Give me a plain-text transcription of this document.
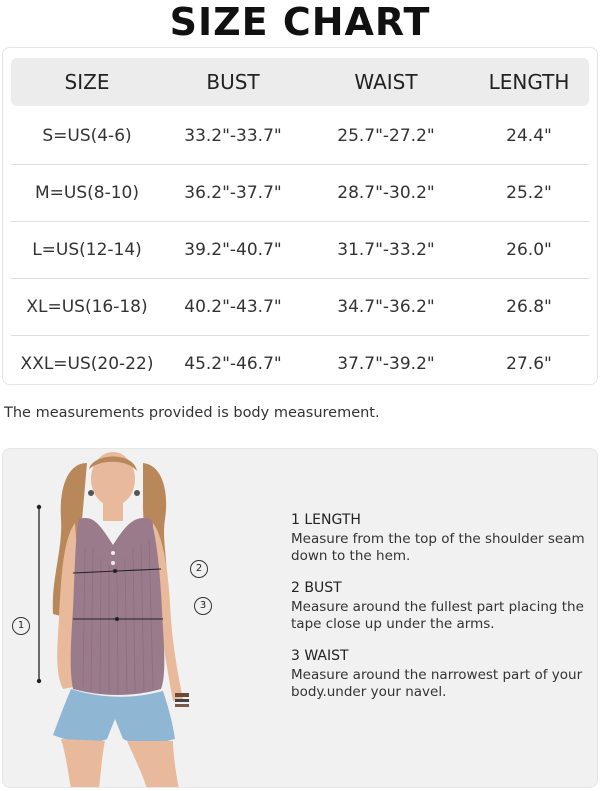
SIZE CHART
SIZE	BUST	WAIST	LENGTH
S=US(4-6)	33.2"-33.7"	25.7"-27.2"	24.4"
M=US(8-10)	36.2"-37.7"	28.7"-30.2"	25.2"
L=US(12-14)	39.2"-40.7"	31.7"-33.2"	26.0"
XL=US(16-18)	40.2"-43.7"	34.7"-36.2"	26.8"
XXL=US(20-22)	45.2"-46.7"	37.7"-39.2"	27.6"
The measurements provided is body measurement.
1
2
3
1 LENGTH
Measure from the top of the shoulder seam down to the hem.
2 BUST
Measure around the fullest part placing the tape close up under the arms.
3 WAIST
Measure around the narrowest part of your body.under your navel.
